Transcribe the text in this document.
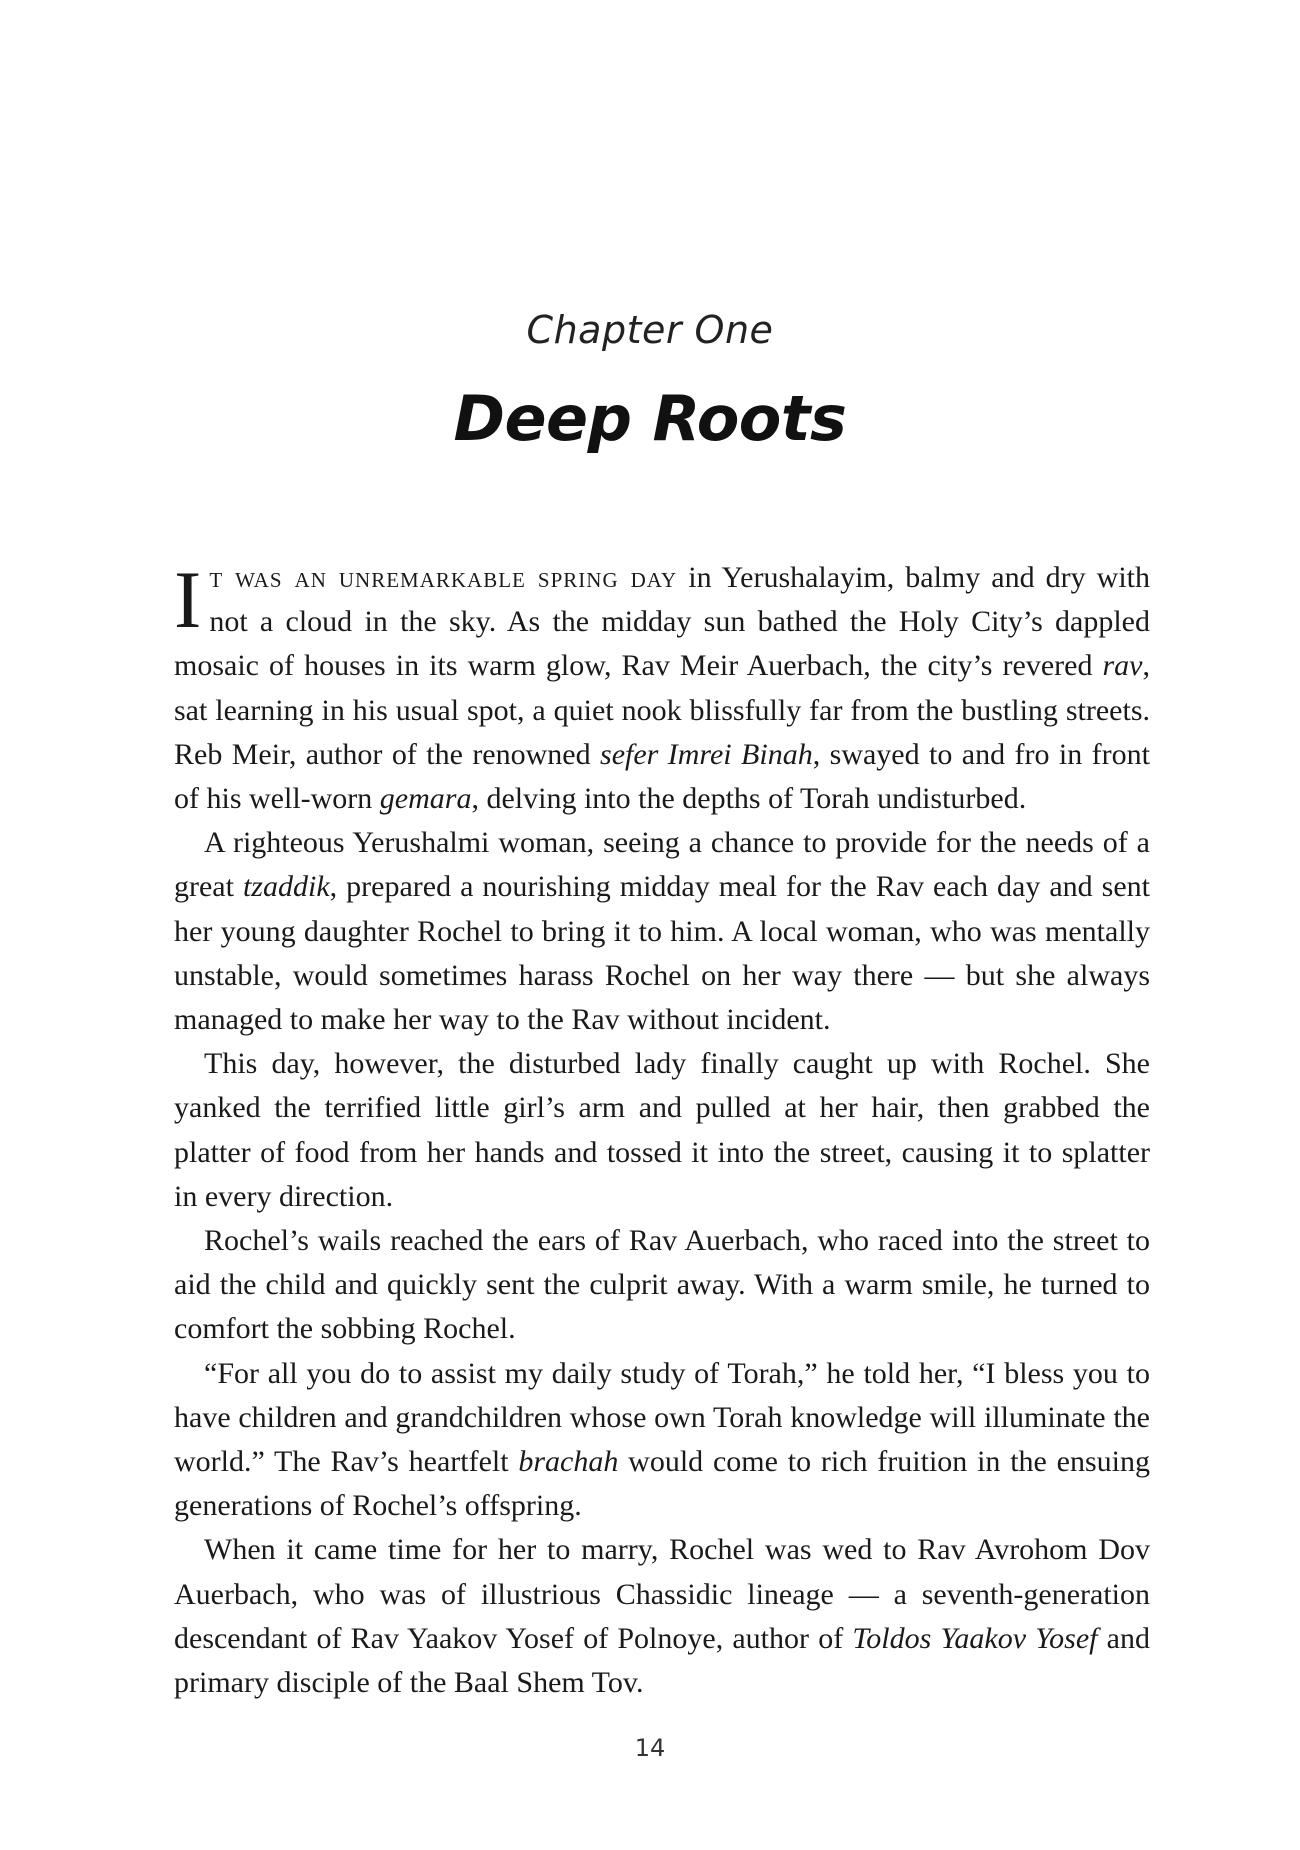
Chapter One
Deep Roots

It was an unremarkable spring day in Yerushalayim, balmy and dry with not a cloud in the sky. As the midday sun bathed the Holy City’s dappled mosaic of houses in its warm glow, Rav Meir Auerbach, the city’s revered rav, sat learning in his usual spot, a quiet nook blissfully far from the bustling streets. Reb Meir, author of the renowned sefer Imrei Binah, swayed to and fro in front of his well-worn gemara, delving into the depths of Torah undisturbed.

A righteous Yerushalmi woman, seeing a chance to provide for the needs of a great tzaddik, prepared a nourishing midday meal for the Rav each day and sent her young daughter Rochel to bring it to him. A local woman, who was mentally unstable, would sometimes harass Rochel on her way there — but she always managed to make her way to the Rav without incident.

This day, however, the disturbed lady finally caught up with Rochel. She yanked the terrified little girl’s arm and pulled at her hair, then grabbed the platter of food from her hands and tossed it into the street, causing it to splatter in every direction.

Rochel’s wails reached the ears of Rav Auerbach, who raced into the street to aid the child and quickly sent the culprit away. With a warm smile, he turned to comfort the sobbing Rochel.

“For all you do to assist my daily study of Torah,” he told her, “I bless you to have children and grandchildren whose own Torah knowledge will illuminate the world.” The Rav’s heartfelt brachah would come to rich fruition in the ensuing generations of Rochel’s offspring.

When it came time for her to marry, Rochel was wed to Rav Avrohom Dov Auerbach, who was of illustrious Chassidic lineage — a seventh-generation descendant of Rav Yaakov Yosef of Polnoye, author of Toldos Yaakov Yosef and primary disciple of the Baal Shem Tov.

14
